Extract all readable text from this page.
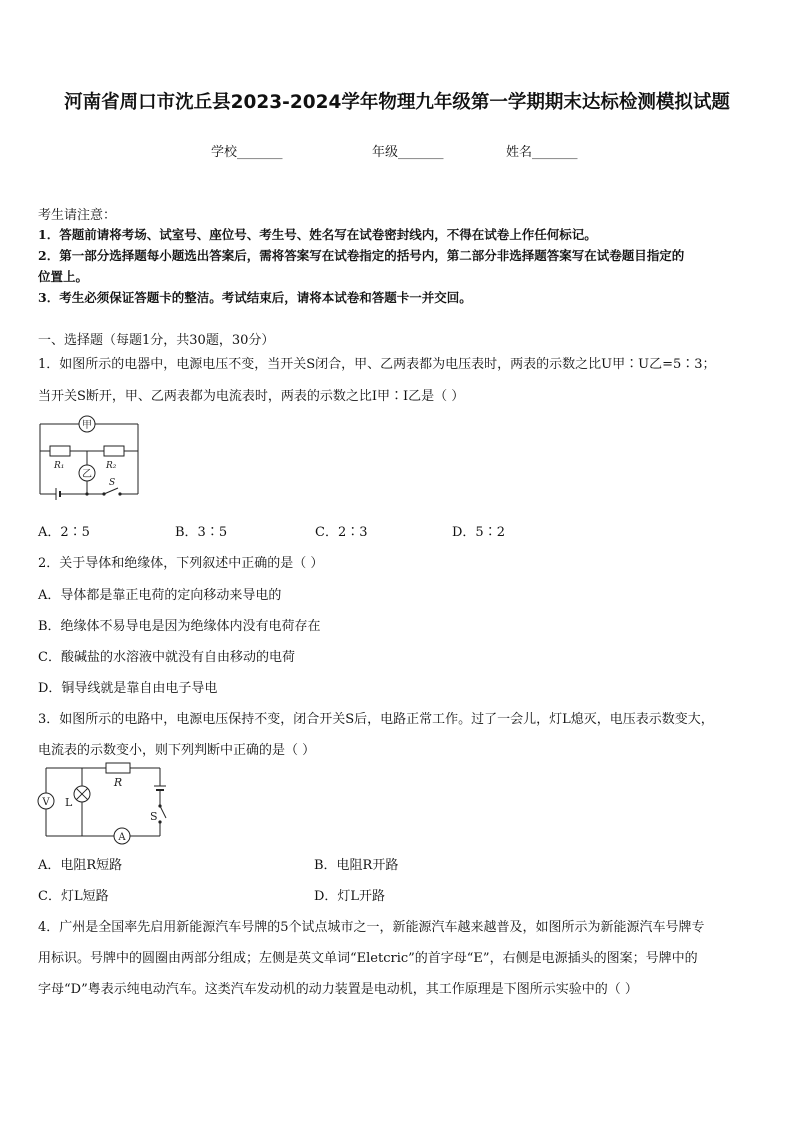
河南省周口市沈丘县2023-2024学年物理九年级第一学期期末达标检测模拟试题
学校_______	年级_______	姓名_______
考生请注意：
1．答题前请将考场、试室号、座位号、考生号、姓名写在试卷密封线内，不得在试卷上作任何标记。
2．第一部分选择题每小题选出答案后，需将答案写在试卷指定的括号内，第二部分非选择题答案写在试卷题目指定的
位置上。
3．考生必须保证答题卡的整洁。考试结束后，请将本试卷和答题卡一并交回。
一、选择题（每题1分，共30题，30分）
1．如图所示的电器中，电源电压不变，当开关S闭合，甲、乙两表都为电压表时，两表的示数之比U甲∶U乙=5∶3；
当开关S断开，甲、乙两表都为电流表时，两表的示数之比I甲∶I乙是（ ）
甲
乙
R₁	R₂
S
A．2∶5	B．3∶5	C．2∶3	D．5∶2
2．关于导体和绝缘体，下列叙述中正确的是（ ）
A．导体都是靠正电荷的定向移动来导电的
B．绝缘体不易导电是因为绝缘体内没有电荷存在
C．酸碱盐的水溶液中就没有自由移动的电荷
D．铜导线就是靠自由电子导电
3．如图所示的电路中，电源电压保持不变，闭合开关S后，电路正常工作。过了一会儿，灯L熄灭，电压表示数变大，
电流表的示数变小，则下列判断中正确的是（ ）
V L
R
S
A
A．电阻R短路	B．电阻R开路
C．灯L短路	D．灯L开路
4．广州是全国率先启用新能源汽车号牌的5个试点城市之一，新能源汽车越来越普及，如图所示为新能源汽车号牌专
用标识。号牌中的圆圈由两部分组成；左侧是英文单词“Eletcric”的首字母“E”，右侧是电源插头的图案；号牌中的
字母“D”粤表示纯电动汽车。这类汽车发动机的动力装置是电动机，其工作原理是下图所示实验中的（ ）
